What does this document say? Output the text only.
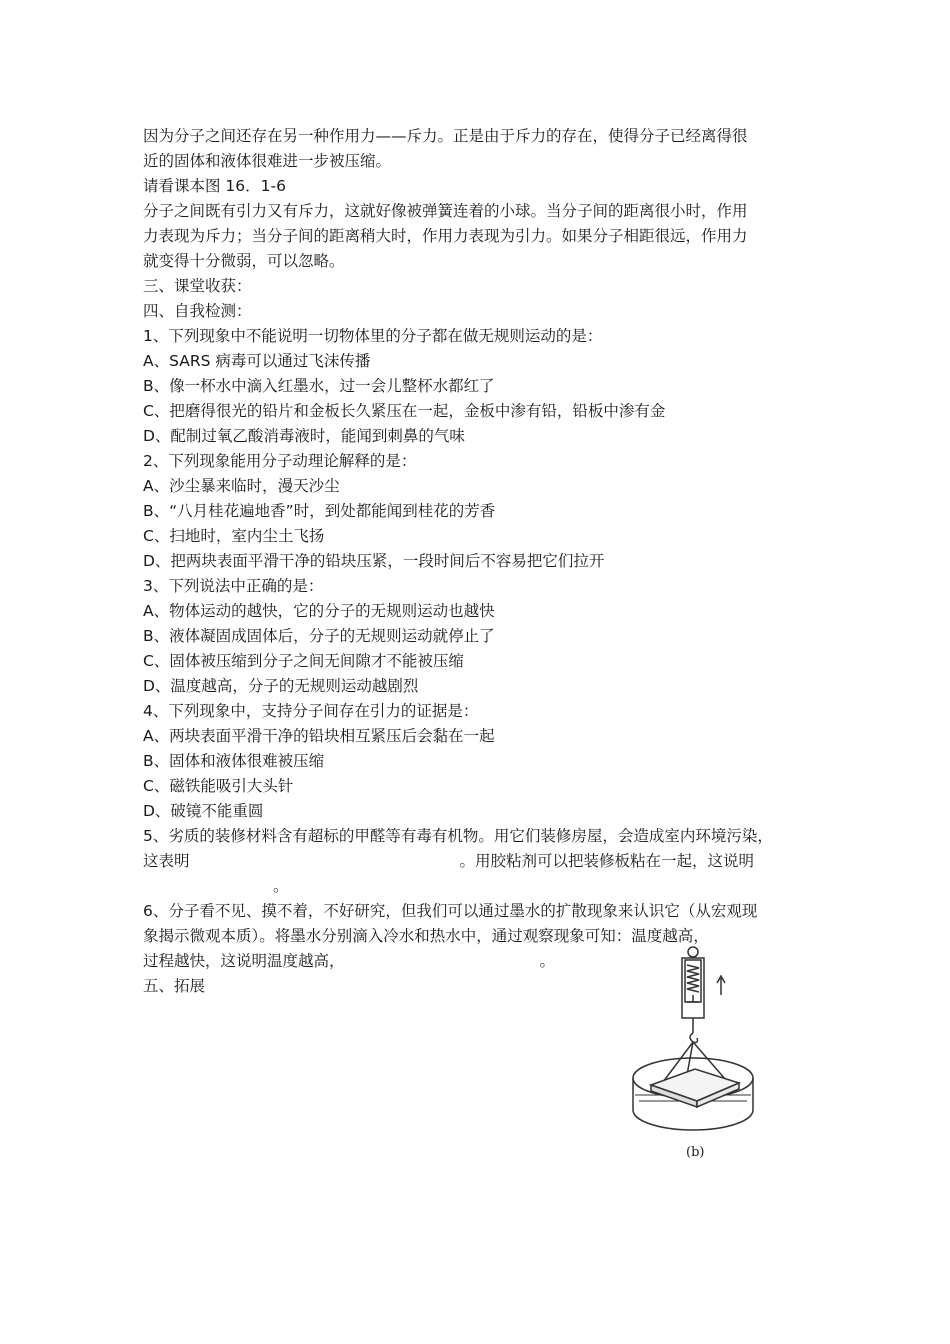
因为分子之间还存在另一种作用力——斥力。正是由于斥力的存在，使得分子已经离得很
近的固体和液体很难进一步被压缩。
请看课本图 16．1-6
分子之间既有引力又有斥力，这就好像被弹簧连着的小球。当分子间的距离很小时，作用
力表现为斥力；当分子间的距离稍大时，作用力表现为引力。如果分子相距很远，作用力
就变得十分微弱，可以忽略。
三、课堂收获：
四、自我检测：
1、下列现象中不能说明一切物体里的分子都在做无规则运动的是：
A、SARS 病毒可以通过飞沫传播
B、像一杯水中滴入红墨水，过一会儿整杯水都红了
C、把磨得很光的铅片和金板长久紧压在一起，金板中渗有铅，铅板中渗有金
D、配制过氧乙酸消毒液时，能闻到刺鼻的气味
2、下列现象能用分子动理论解释的是：
A、沙尘暴来临时，漫天沙尘
B、“八月桂花遍地香”时，到处都能闻到桂花的芳香
C、扫地时，室内尘土飞扬
D、把两块表面平滑干净的铅块压紧，一段时间后不容易把它们拉开
3、下列说法中正确的是：
A、物体运动的越快，它的分子的无规则运动也越快
B、液体凝固成固体后，分子的无规则运动就停止了
C、固体被压缩到分子之间无间隙才不能被压缩
D、温度越高，分子的无规则运动越剧烈
4、下列现象中，支持分子间存在引力的证据是：
A、两块表面平滑干净的铅块相互紧压后会黏在一起
B、固体和液体很难被压缩
C、磁铁能吸引大头针
D、破镜不能重圆
5、劣质的装修材料含有超标的甲醛等有毒有机物。用它们装修房屋，会造成室内环境污染，
这表明	。用胶粘剂可以把装修板粘在一起，这说明
。
6、分子看不见、摸不着，不好研究，但我们可以通过墨水的扩散现象来认识它（从宏观现
象揭示微观本质）。将墨水分别滴入冷水和热水中，通过观察现象可知：温度越高，
过程越快，这说明温度越高，	。
五、拓展
(b)
